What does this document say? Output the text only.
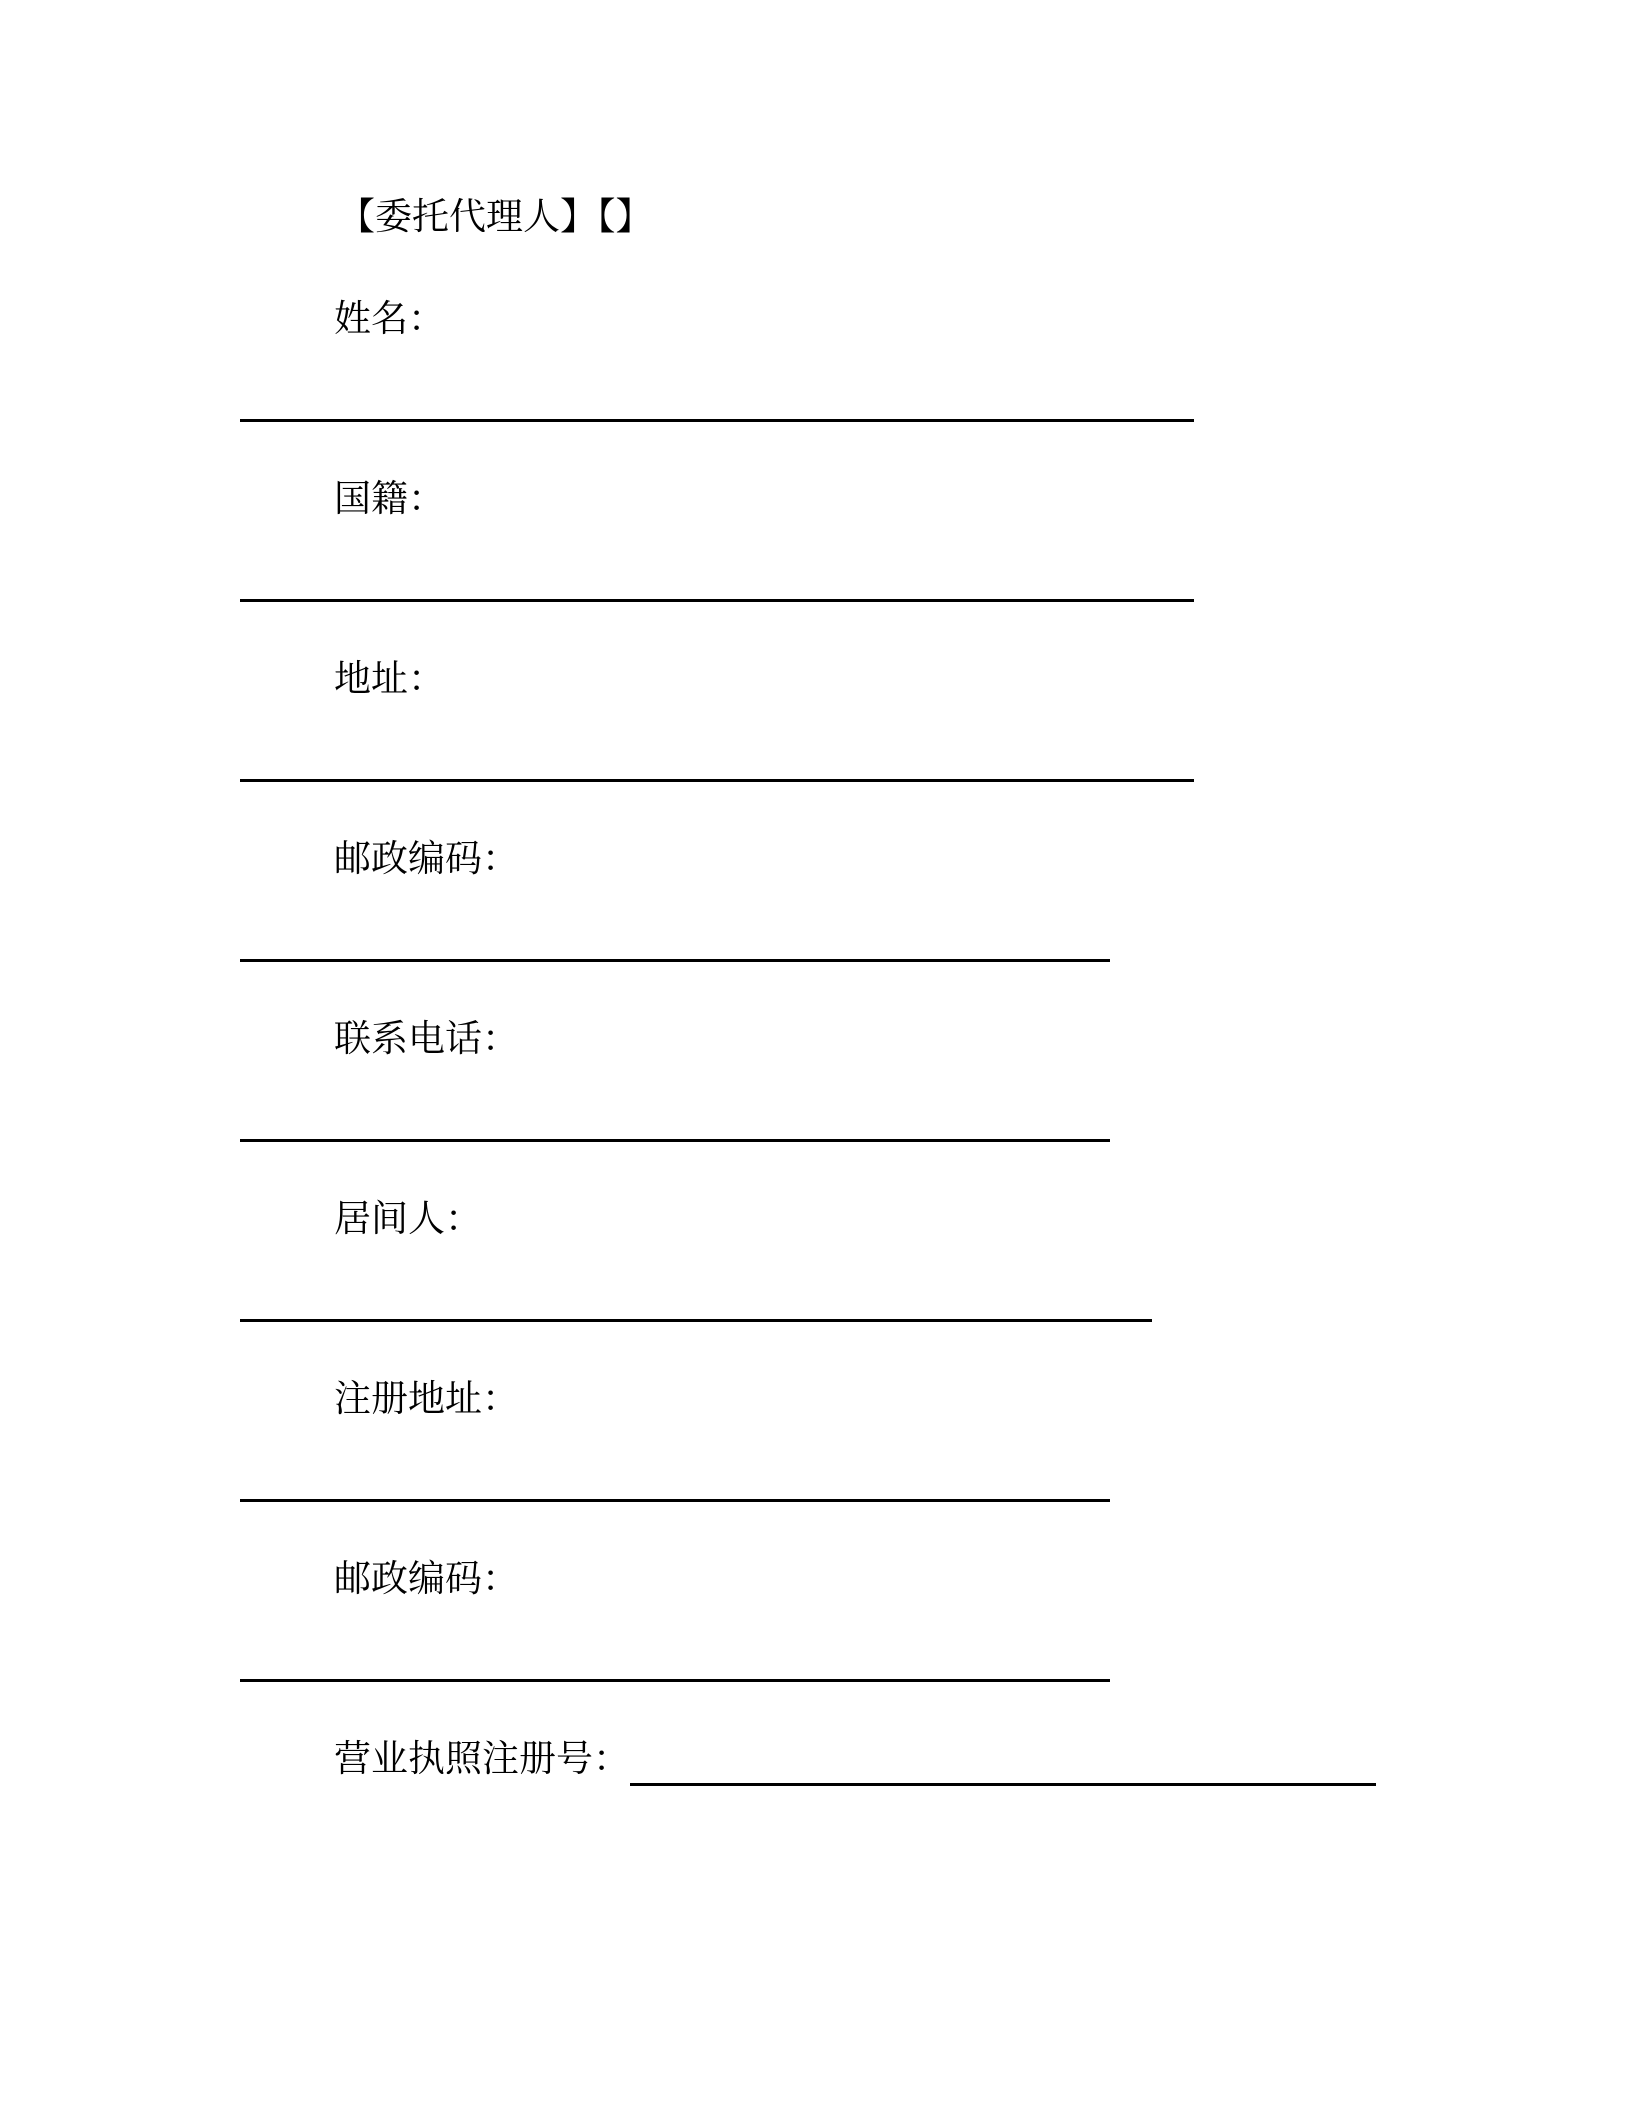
【委托代理人】【】
姓名：
国籍：
地址：
邮政编码：
联系电话：
居间人：
注册地址：
邮政编码：
营业执照注册号：
